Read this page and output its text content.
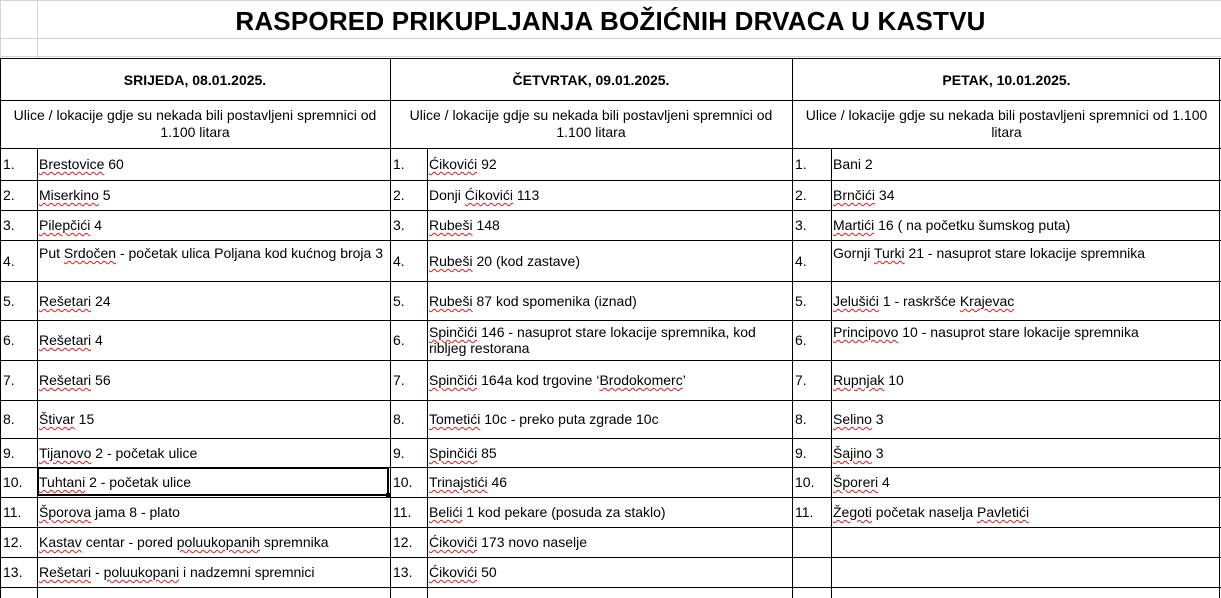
RASPORED PRIKUPLJANJA BOŽIĆNIH DRVACA U KASTVU
SRIJEDA, 08.01.2025.
Ulice / lokacije gdje su nekada bili postavljeni spremnici od 1.100 litara
1. Brestovice 60
2. Miserkino 5
3. Pilepčići 4
4. Put Srdočen - početak ulica Poljana kod kućnog broja 3
5. Rešetari 24
6. Rešetari 4
7. Rešetari 56
8. Štivar 15
9. Tijanovo 2 - početak ulice
10. Tuhtani 2 - početak ulice
11. Šporova jama 8 - plato
12. Kastav centar - pored poluukopanih spremnika
13. Rešetari - poluukopani i nadzemni spremnici
ČETVRTAK, 09.01.2025.
Ulice / lokacije gdje su nekada bili postavljeni spremnici od 1.100 litara
1. Ćikovići 92
2. Donji Ćikovići 113
3. Rubeši 148
4. Rubeši 20 (kod zastave)
5. Rubeši 87 kod spomenika (iznad)
6. Spinčići 146 - nasuprot stare lokacije spremnika, kod ribljeg restorana
7. Spinčići 164a kod trgovine ‘Brodokomerc’
8. Tometići 10c - preko puta zgrade 10c
9. Spinčići 85
10. Trinajstići 46
11. Belići 1 kod pekare (posuda za staklo)
12. Ćikovići 173 novo naselje
13. Ćikovići 50
PETAK, 10.01.2025.
Ulice / lokacije gdje su nekada bili postavljeni spremnici od 1.100 litara
1. Bani 2
2. Brnčići 34
3. Martići 16 ( na početku šumskog puta)
4. Gornji Turki 21 - nasuprot stare lokacije spremnika
5. Jelušići 1 - raskršće Krajevac
6. Principovo 10 - nasuprot stare lokacije spremnika
7. Rupnjak 10
8. Selino 3
9. Šajino 3
10. Šporeri 4
11. Žegoti početak naselja Pavletići
